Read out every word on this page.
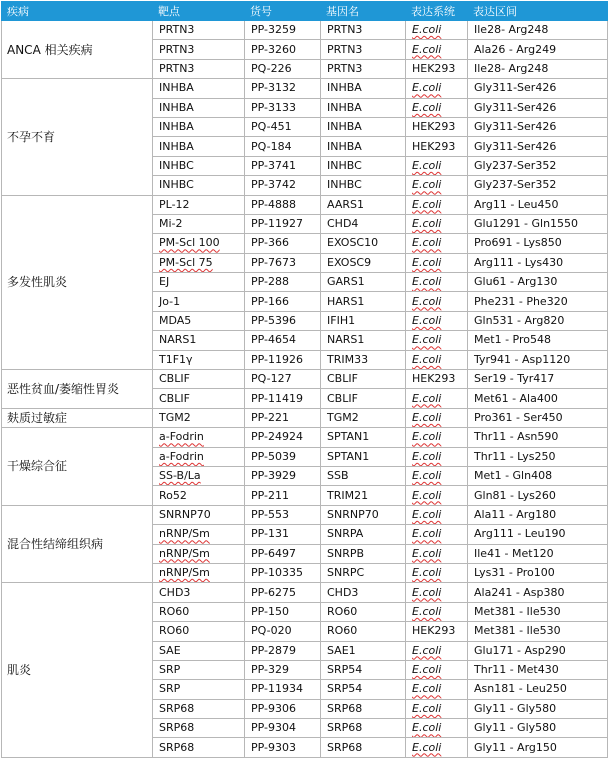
疾病	靶点	货号	基因名	表达系统	表达区间
ANCA 相关疾病	PRTN3	PP-3259	PRTN3	E.coli	Ile28- Arg248
	PRTN3	PP-3260	PRTN3	E.coli	Ala26 - Arg249
	PRTN3	PQ-226	PRTN3	HEK293	Ile28- Arg248
不孕不育	INHBA	PP-3132	INHBA	E.coli	Gly311-Ser426
	INHBA	PP-3133	INHBA	E.coli	Gly311-Ser426
	INHBA	PQ-451	INHBA	HEK293	Gly311-Ser426
	INHBA	PQ-184	INHBA	HEK293	Gly311-Ser426
	INHBC	PP-3741	INHBC	E.coli	Gly237-Ser352
	INHBC	PP-3742	INHBC	E.coli	Gly237-Ser352
多发性肌炎	PL-12	PP-4888	AARS1	E.coli	Arg11 - Leu450
	Mi-2	PP-11927	CHD4	E.coli	Glu1291 - Gln1550
	PM-Scl 100	PP-366	EXOSC10	E.coli	Pro691 - Lys850
	PM-Scl 75	PP-7673	EXOSC9	E.coli	Arg111 - Lys430
	EJ	PP-288	GARS1	E.coli	Glu61 - Arg130
	Jo-1	PP-166	HARS1	E.coli	Phe231 - Phe320
	MDA5	PP-5396	IFIH1	E.coli	Gln531 - Arg820
	NARS1	PP-4654	NARS1	E.coli	Met1 - Pro548
	T1F1γ	PP-11926	TRIM33	E.coli	Tyr941 - Asp1120
恶性贫血/萎缩性胃炎	CBLIF	PQ-127	CBLIF	HEK293	Ser19 - Tyr417
	CBLIF	PP-11419	CBLIF	E.coli	Met61 - Ala400
麸质过敏症	TGM2	PP-221	TGM2	E.coli	Pro361 - Ser450
干燥综合征	a-Fodrin	PP-24924	SPTAN1	E.coli	Thr11 - Asn590
	a-Fodrin	PP-5039	SPTAN1	E.coli	Thr11 - Lys250
	SS-B/La	PP-3929	SSB	E.coli	Met1 - Gln408
	Ro52	PP-211	TRIM21	E.coli	Gln81 - Lys260
混合性结缔组织病	SNRNP70	PP-553	SNRNP70	E.coli	Ala11 - Arg180
	nRNP/Sm	PP-131	SNRPA	E.coli	Arg111 - Leu190
	nRNP/Sm	PP-6497	SNRPB	E.coli	Ile41 - Met120
	nRNP/Sm	PP-10335	SNRPC	E.coli	Lys31 - Pro100
肌炎	CHD3	PP-6275	CHD3	E.coli	Ala241 - Asp380
	RO60	PP-150	RO60	E.coli	Met381 - Ile530
	RO60	PQ-020	RO60	HEK293	Met381 - Ile530
	SAE	PP-2879	SAE1	E.coli	Glu171 - Asp290
	SRP	PP-329	SRP54	E.coli	Thr11 - Met430
	SRP	PP-11934	SRP54	E.coli	Asn181 - Leu250
	SRP68	PP-9306	SRP68	E.coli	Gly11 - Gly580
	SRP68	PP-9304	SRP68	E.coli	Gly11 - Gly580
	SRP68	PP-9303	SRP68	E.coli	Gly11 - Arg150
